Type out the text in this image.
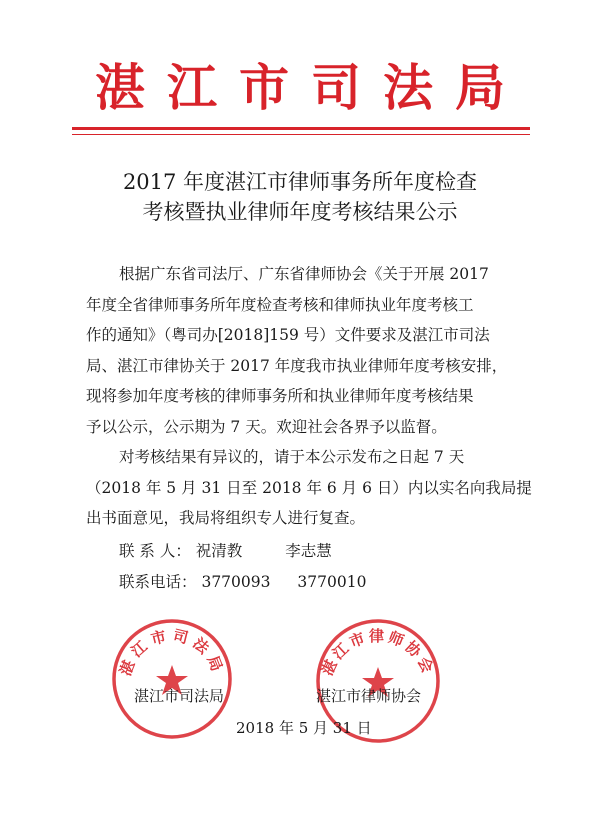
湛江市司法局
2017 年度湛江市律师事务所年度检查
考核暨执业律师年度考核结果公示
根据广东省司法厅、广东省律师协会《关于开展 2017
年度全省律师事务所年度检查考核和律师执业年度考核工
作的通知》（粤司办[2018]159 号）文件要求及湛江市司法
局、湛江市律协关于 2017 年度我市执业律师年度考核安排，
现将参加年度考核的律师事务所和执业律师年度考核结果
予以公示，公示期为 7 天。欢迎社会各界予以监督。
对考核结果有异议的，请于本公示发布之日起 7 天
（2018 年 5 月 31 日至 2018 年 6 月 6 日）内以实名向我局提
出书面意见，我局将组织专人进行复查。
联 系 人： 祝清教	李志慧
联系电话： 3770093 3770010
湛江市司法局	湛江市律师协会
湛江市司法局	湛江市律师协会
2018 年 5 月 31 日
